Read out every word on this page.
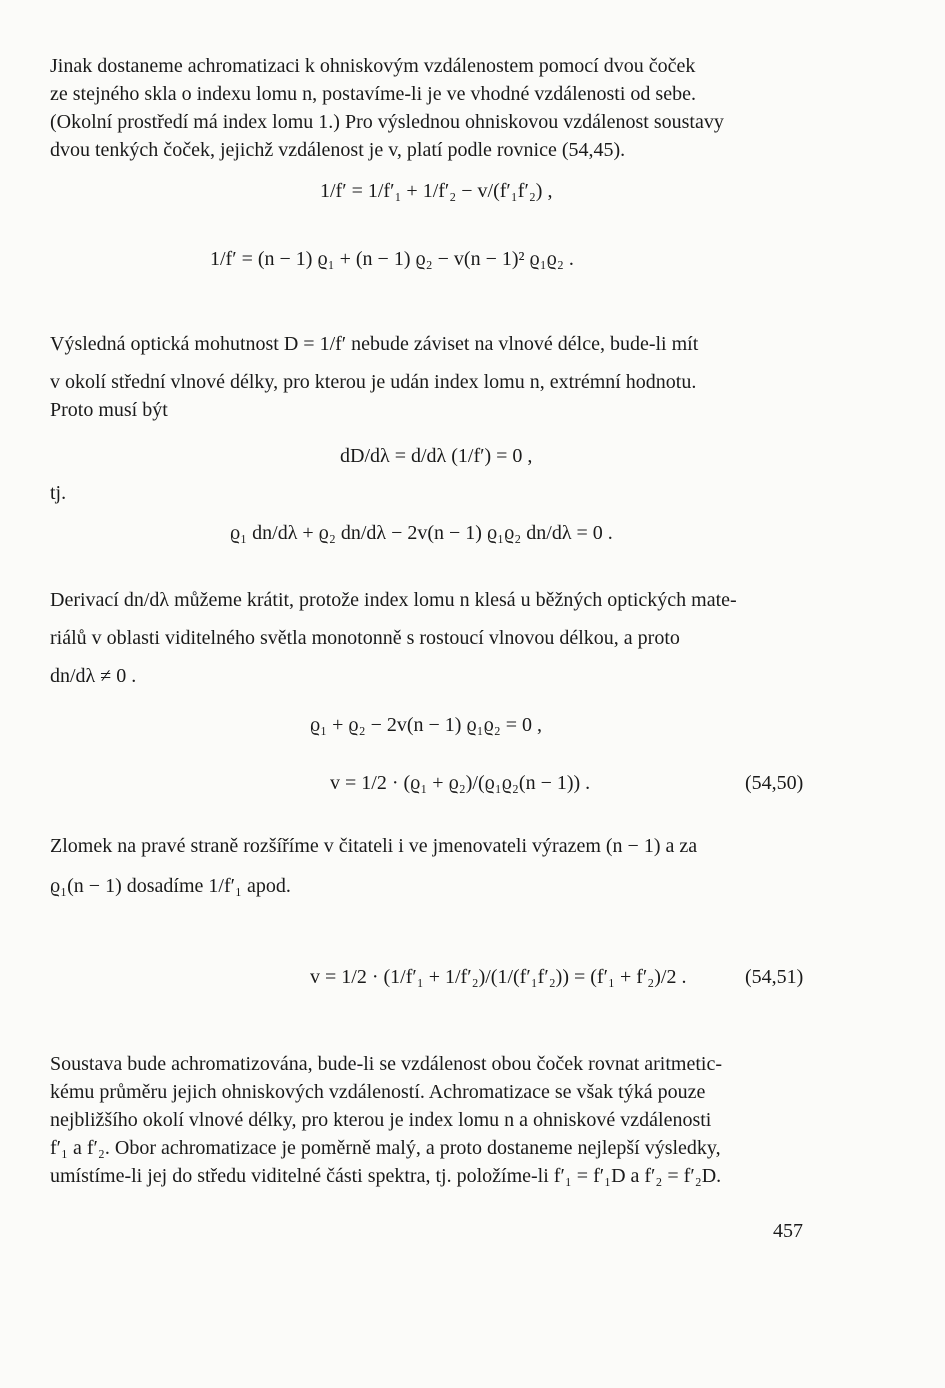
Jinak dostaneme achromatizaci k ohniskovým vzdálenostem pomocí dvou čoček
ze stejného skla o indexu lomu n, postavíme-li je ve vhodné vzdálenosti od sebe.
(Okolní prostředí má index lomu 1.) Pro výslednou ohniskovou vzdálenost soustavy
dvou tenkých čoček, jejichž vzdálenost je v, platí podle rovnice (54,45).
1/f′ = 1/f′₁ + 1/f′₂ − v/(f′₁f′₂) ,
1/f′ = (n − 1) ϱ₁ + (n − 1) ϱ₂ − v(n − 1)² ϱ₁ϱ₂ .
Výsledná optická mohutnost D = 1/f′ nebude záviset na vlnové délce, bude-li mít
v okolí střední vlnové délky, pro kterou je udán index lomu n, extrémní hodnotu.
Proto musí být
dD/dλ = d/dλ (1/f′) = 0 ,
tj.
ϱ₁ dn/dλ + ϱ₂ dn/dλ − 2v(n − 1) ϱ₁ϱ₂ dn/dλ = 0 .
Derivací dn/dλ můžeme krátit, protože index lomu n klesá u běžných optických mate-
riálů v oblasti viditelného světla monotonně s rostoucí vlnovou délkou, a proto
dn/dλ ≠ 0 .
ϱ₁ + ϱ₂ − 2v(n − 1) ϱ₁ϱ₂ = 0 ,
v = 1/2 · (ϱ₁ + ϱ₂)/(ϱ₁ϱ₂(n − 1)) .	(54,50)
Zlomek na pravé straně rozšíříme v čitateli i ve jmenovateli výrazem (n − 1) a za
ϱ₁(n − 1) dosadíme 1/f′₁ apod.
v = 1/2 · (1/f′₁ + 1/f′₂)/(1/(f′₁f′₂)) = (f′₁ + f′₂)/2 .	(54,51)
Soustava bude achromatizována, bude-li se vzdálenost obou čoček rovnat aritmetic-
kému průměru jejich ohniskových vzdáleností. Achromatizace se však týká pouze
nejbližšího okolí vlnové délky, pro kterou je index lomu n a ohniskové vzdálenosti
f′₁ a f′₂. Obor achromatizace je poměrně malý, a proto dostaneme nejlepší výsledky,
umístíme-li jej do středu viditelné části spektra, tj. položíme-li f′₁ = f′₁D a f′₂ = f′₂D.
457
